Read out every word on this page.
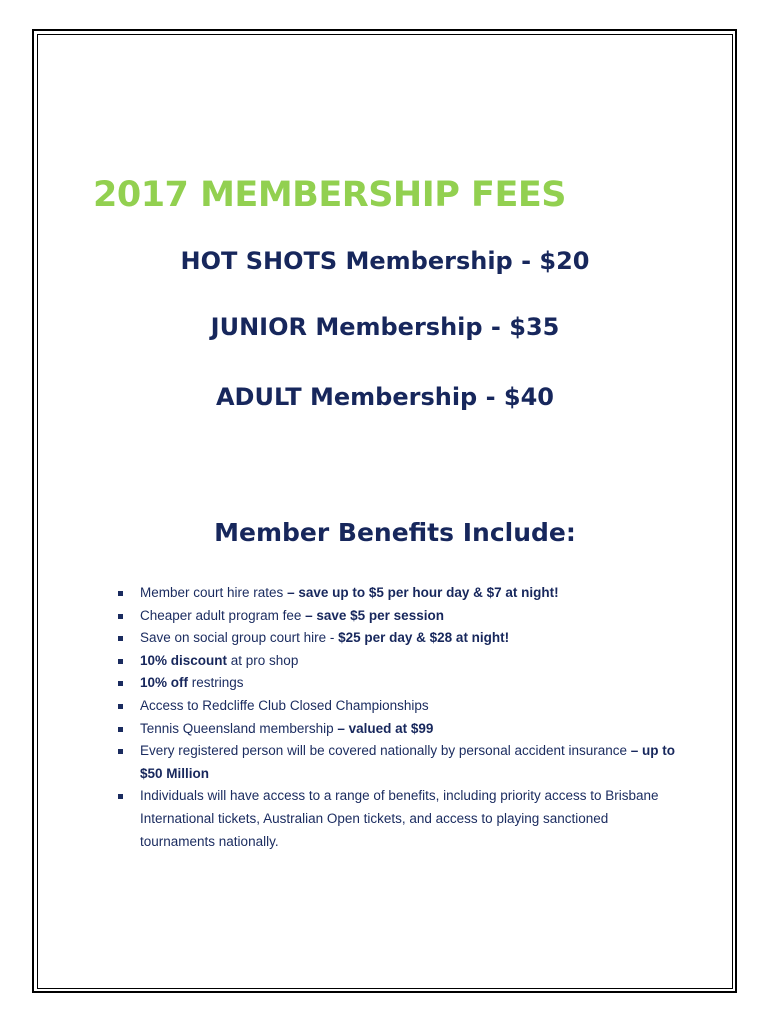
2017 MEMBERSHIP FEES
HOT SHOTS Membership - $20
JUNIOR Membership - $35
ADULT Membership - $40
Member Benefits Include:
Member court hire rates – save up to $5 per hour day & $7 at night!
Cheaper adult program fee – save $5 per session
Save on social group court hire - $25 per day & $28 at night!
10% discount at pro shop
10% off restrings
Access to Redcliffe Club Closed Championships
Tennis Queensland membership – valued at $99
Every registered person will be covered nationally by personal accident insurance – up to $50 Million
Individuals will have access to a range of benefits, including priority access to Brisbane International tickets, Australian Open tickets, and access to playing sanctioned tournaments nationally.
